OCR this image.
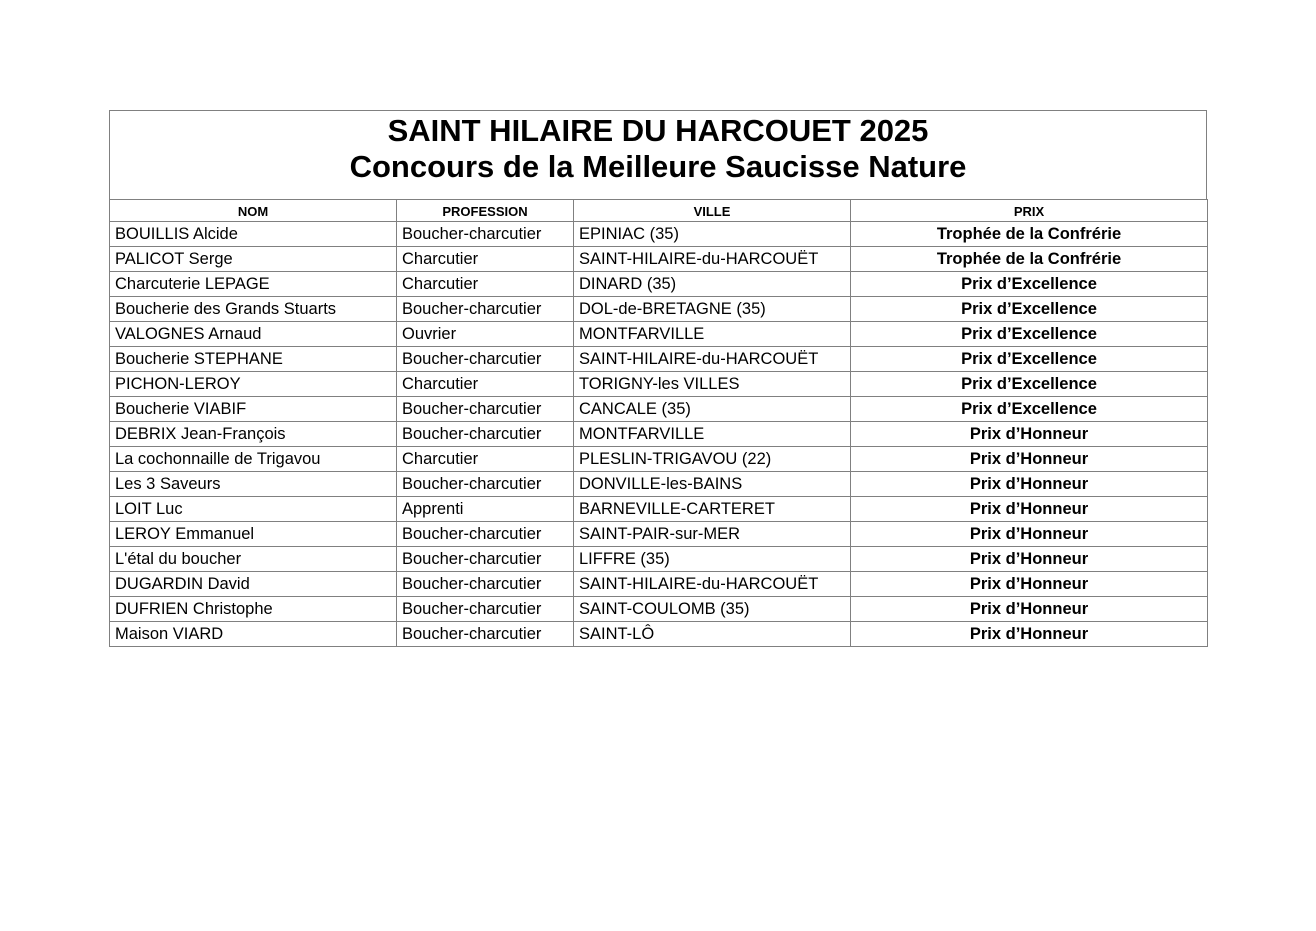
SAINT HILAIRE DU HARCOUET 2025
Concours de la Meilleure Saucisse Nature
NOM	PROFESSION	VILLE	PRIX
BOUILLIS Alcide	Boucher-charcutier	EPINIAC (35)	Trophée de la Confrérie
PALICOT Serge	Charcutier	SAINT-HILAIRE-du-HARCOUËT	Trophée de la Confrérie
Charcuterie LEPAGE	Charcutier	DINARD (35)	Prix d’Excellence
Boucherie des Grands Stuarts	Boucher-charcutier	DOL-de-BRETAGNE (35)	Prix d’Excellence
VALOGNES Arnaud	Ouvrier	MONTFARVILLE	Prix d’Excellence
Boucherie STEPHANE	Boucher-charcutier	SAINT-HILAIRE-du-HARCOUËT	Prix d’Excellence
PICHON-LEROY	Charcutier	TORIGNY-les VILLES	Prix d’Excellence
Boucherie VIABIF	Boucher-charcutier	CANCALE (35)	Prix d’Excellence
DEBRIX Jean-François	Boucher-charcutier	MONTFARVILLE	Prix d’Honneur
La cochonnaille de Trigavou	Charcutier	PLESLIN-TRIGAVOU (22)	Prix d’Honneur
Les 3 Saveurs	Boucher-charcutier	DONVILLE-les-BAINS	Prix d’Honneur
LOIT Luc	Apprenti	BARNEVILLE-CARTERET	Prix d’Honneur
LEROY Emmanuel	Boucher-charcutier	SAINT-PAIR-sur-MER	Prix d’Honneur
L'étal du boucher	Boucher-charcutier	LIFFRE (35)	Prix d’Honneur
DUGARDIN David	Boucher-charcutier	SAINT-HILAIRE-du-HARCOUËT	Prix d’Honneur
DUFRIEN Christophe	Boucher-charcutier	SAINT-COULOMB (35)	Prix d’Honneur
Maison VIARD	Boucher-charcutier	SAINT-LÔ	Prix d’Honneur
